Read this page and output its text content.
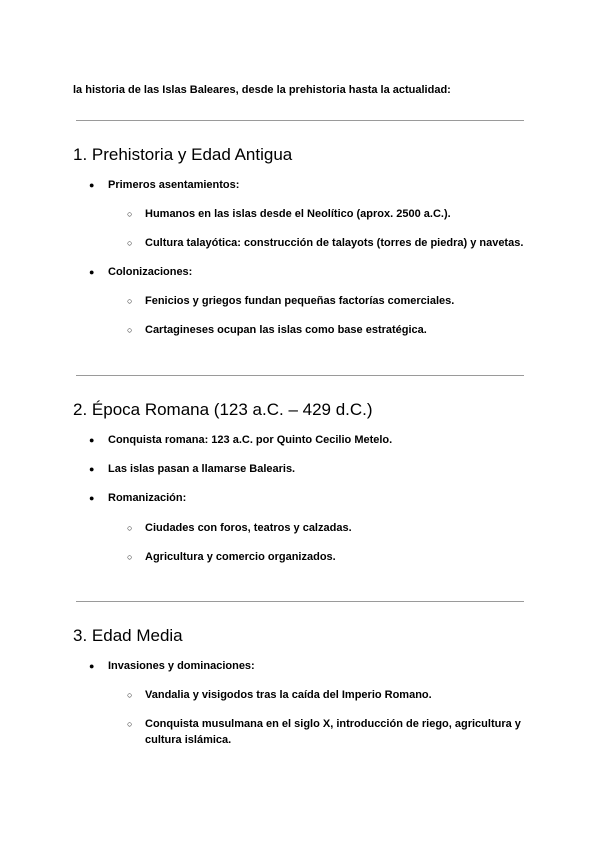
la historia de las Islas Baleares, desde la prehistoria hasta la actualidad:

1. Prehistoria y Edad Antigua

● Primeros asentamientos:

○ Humanos en las islas desde el Neolítico (aprox. 2500 a.C.).

○ Cultura talayótica: construcción de talayots (torres de piedra) y navetas.

● Colonizaciones:

○ Fenicios y griegos fundan pequeñas factorías comerciales.

○ Cartagineses ocupan las islas como base estratégica.

2. Época Romana (123 a.C. – 429 d.C.)

● Conquista romana: 123 a.C. por Quinto Cecilio Metelo.

● Las islas pasan a llamarse Balearis.

● Romanización:

○ Ciudades con foros, teatros y calzadas.

○ Agricultura y comercio organizados.

3. Edad Media

● Invasiones y dominaciones:

○ Vandalia y visigodos tras la caída del Imperio Romano.

○ Conquista musulmana en el siglo X, introducción de riego, agricultura y cultura islámica.
